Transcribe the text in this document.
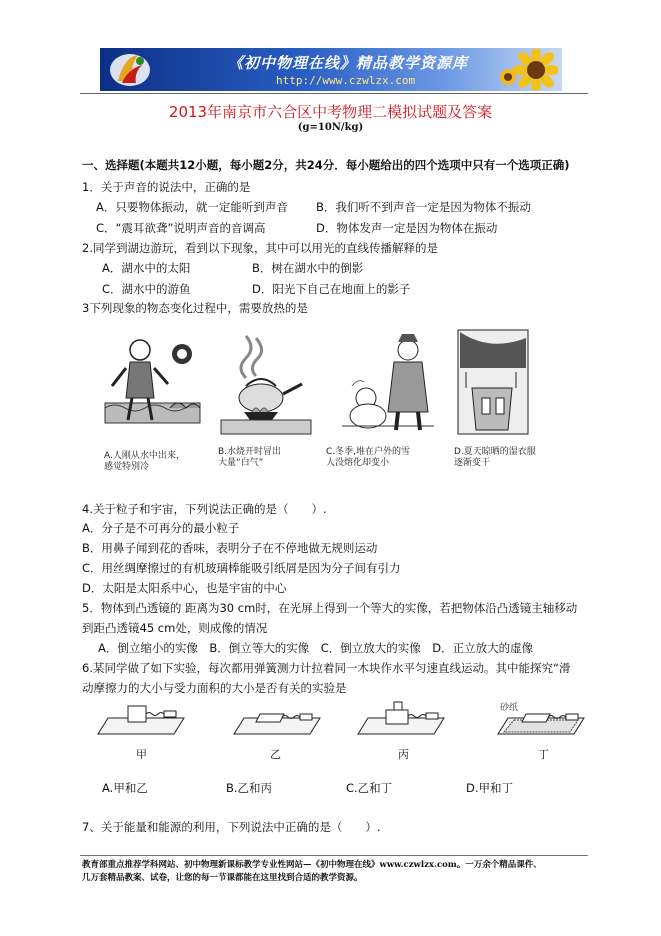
《初中物理在线》精品教学资源库
http://www.czwlzx.com
2013年南京市六合区中考物理二模拟试题及答案
(g=10N/kg)
一、选择题(本题共12小题，每小题2分，共24分．每小题给出的四个选项中只有一个选项正确)
1．关于声音的说法中，正确的是
A．只要物体振动，就一定能听到声音 B．我们听不到声音一定是因为物体不振动
C．“震耳欲聋”说明声音的音调高	D．物体发声一定是因为物体在振动
2.同学到湖边游玩，看到以下现象，其中可以用光的直线传播解释的是
A．湖水中的太阳	B．树在湖水中的倒影
C．湖水中的游鱼	D．阳光下自己在地面上的影子
3下列现象的物态变化过程中，需要放热的是
A.人刚从水中出来，
感觉特别冷
B.水烧开时冒出
大量“白气”
C.冬季,堆在户外的雪
人没熔化却变小
D.夏天晾晒的湿衣服
逐渐变干
4.关于粒子和宇宙，下列说法正确的是（　　）.
A．分子是不可再分的最小粒子
B．用鼻子闻到花的香味，表明分子在不停地做无规则运动
C．用丝绸摩擦过的有机玻璃棒能吸引纸屑是因为分子间有引力
D．太阳是太阳系中心，也是宇宙的中心
5．物体到凸透镜的 距离为30 cm时，在光屏上得到一个等大的实像，若把物体沿凸透镜主轴移动
到距凸透镜45 cm处，则成像的情况
A．倒立缩小的实像　B．倒立等大的实像　C．倒立放大的实像　D．正立放大的虚像
6.某同学做了如下实验，每次都用弹簧测力计拉着同一木块作水平匀速直线运动。其中能探究“滑
动摩擦力的大小与受力面积的大小是否有关的实验是
砂纸
甲	乙	丙	丁
A.甲和乙	B.乙和丙	C.乙和丁	D.甲和丁
7、关于能量和能源的利用，下列说法中正确的是（　　）.
教育部重点推荐学科网站、初中物理新课标教学专业性网站—《初中物理在线》www.czwlzx.com。一万余个精品课件、
几万套精品教案、试卷，让您的每一节课都能在这里找到合适的教学资源。
